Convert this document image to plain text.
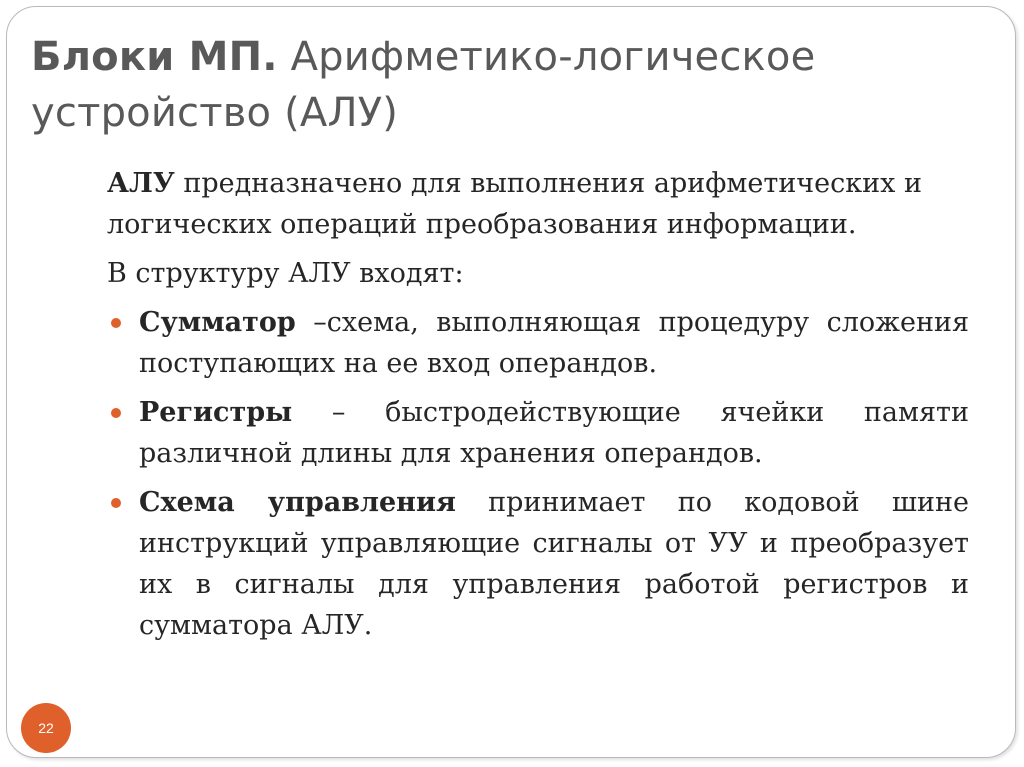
Блоки МП. Арифметико-логическое устройство (АЛУ)

АЛУ предназначено для выполнения арифметических и логических операций преобразования информации.

В структуру АЛУ входят:

Сумматор –схема, выполняющая процедуру сложения поступающих на ее вход операндов.
Регистры – быстродействующие ячейки памяти различной длины для хранения операндов.
Схема управления принимает по кодовой шине инструкций управляющие сигналы от УУ и преобразует их в сигналы для управления работой регистров и сумматора АЛУ.
22
